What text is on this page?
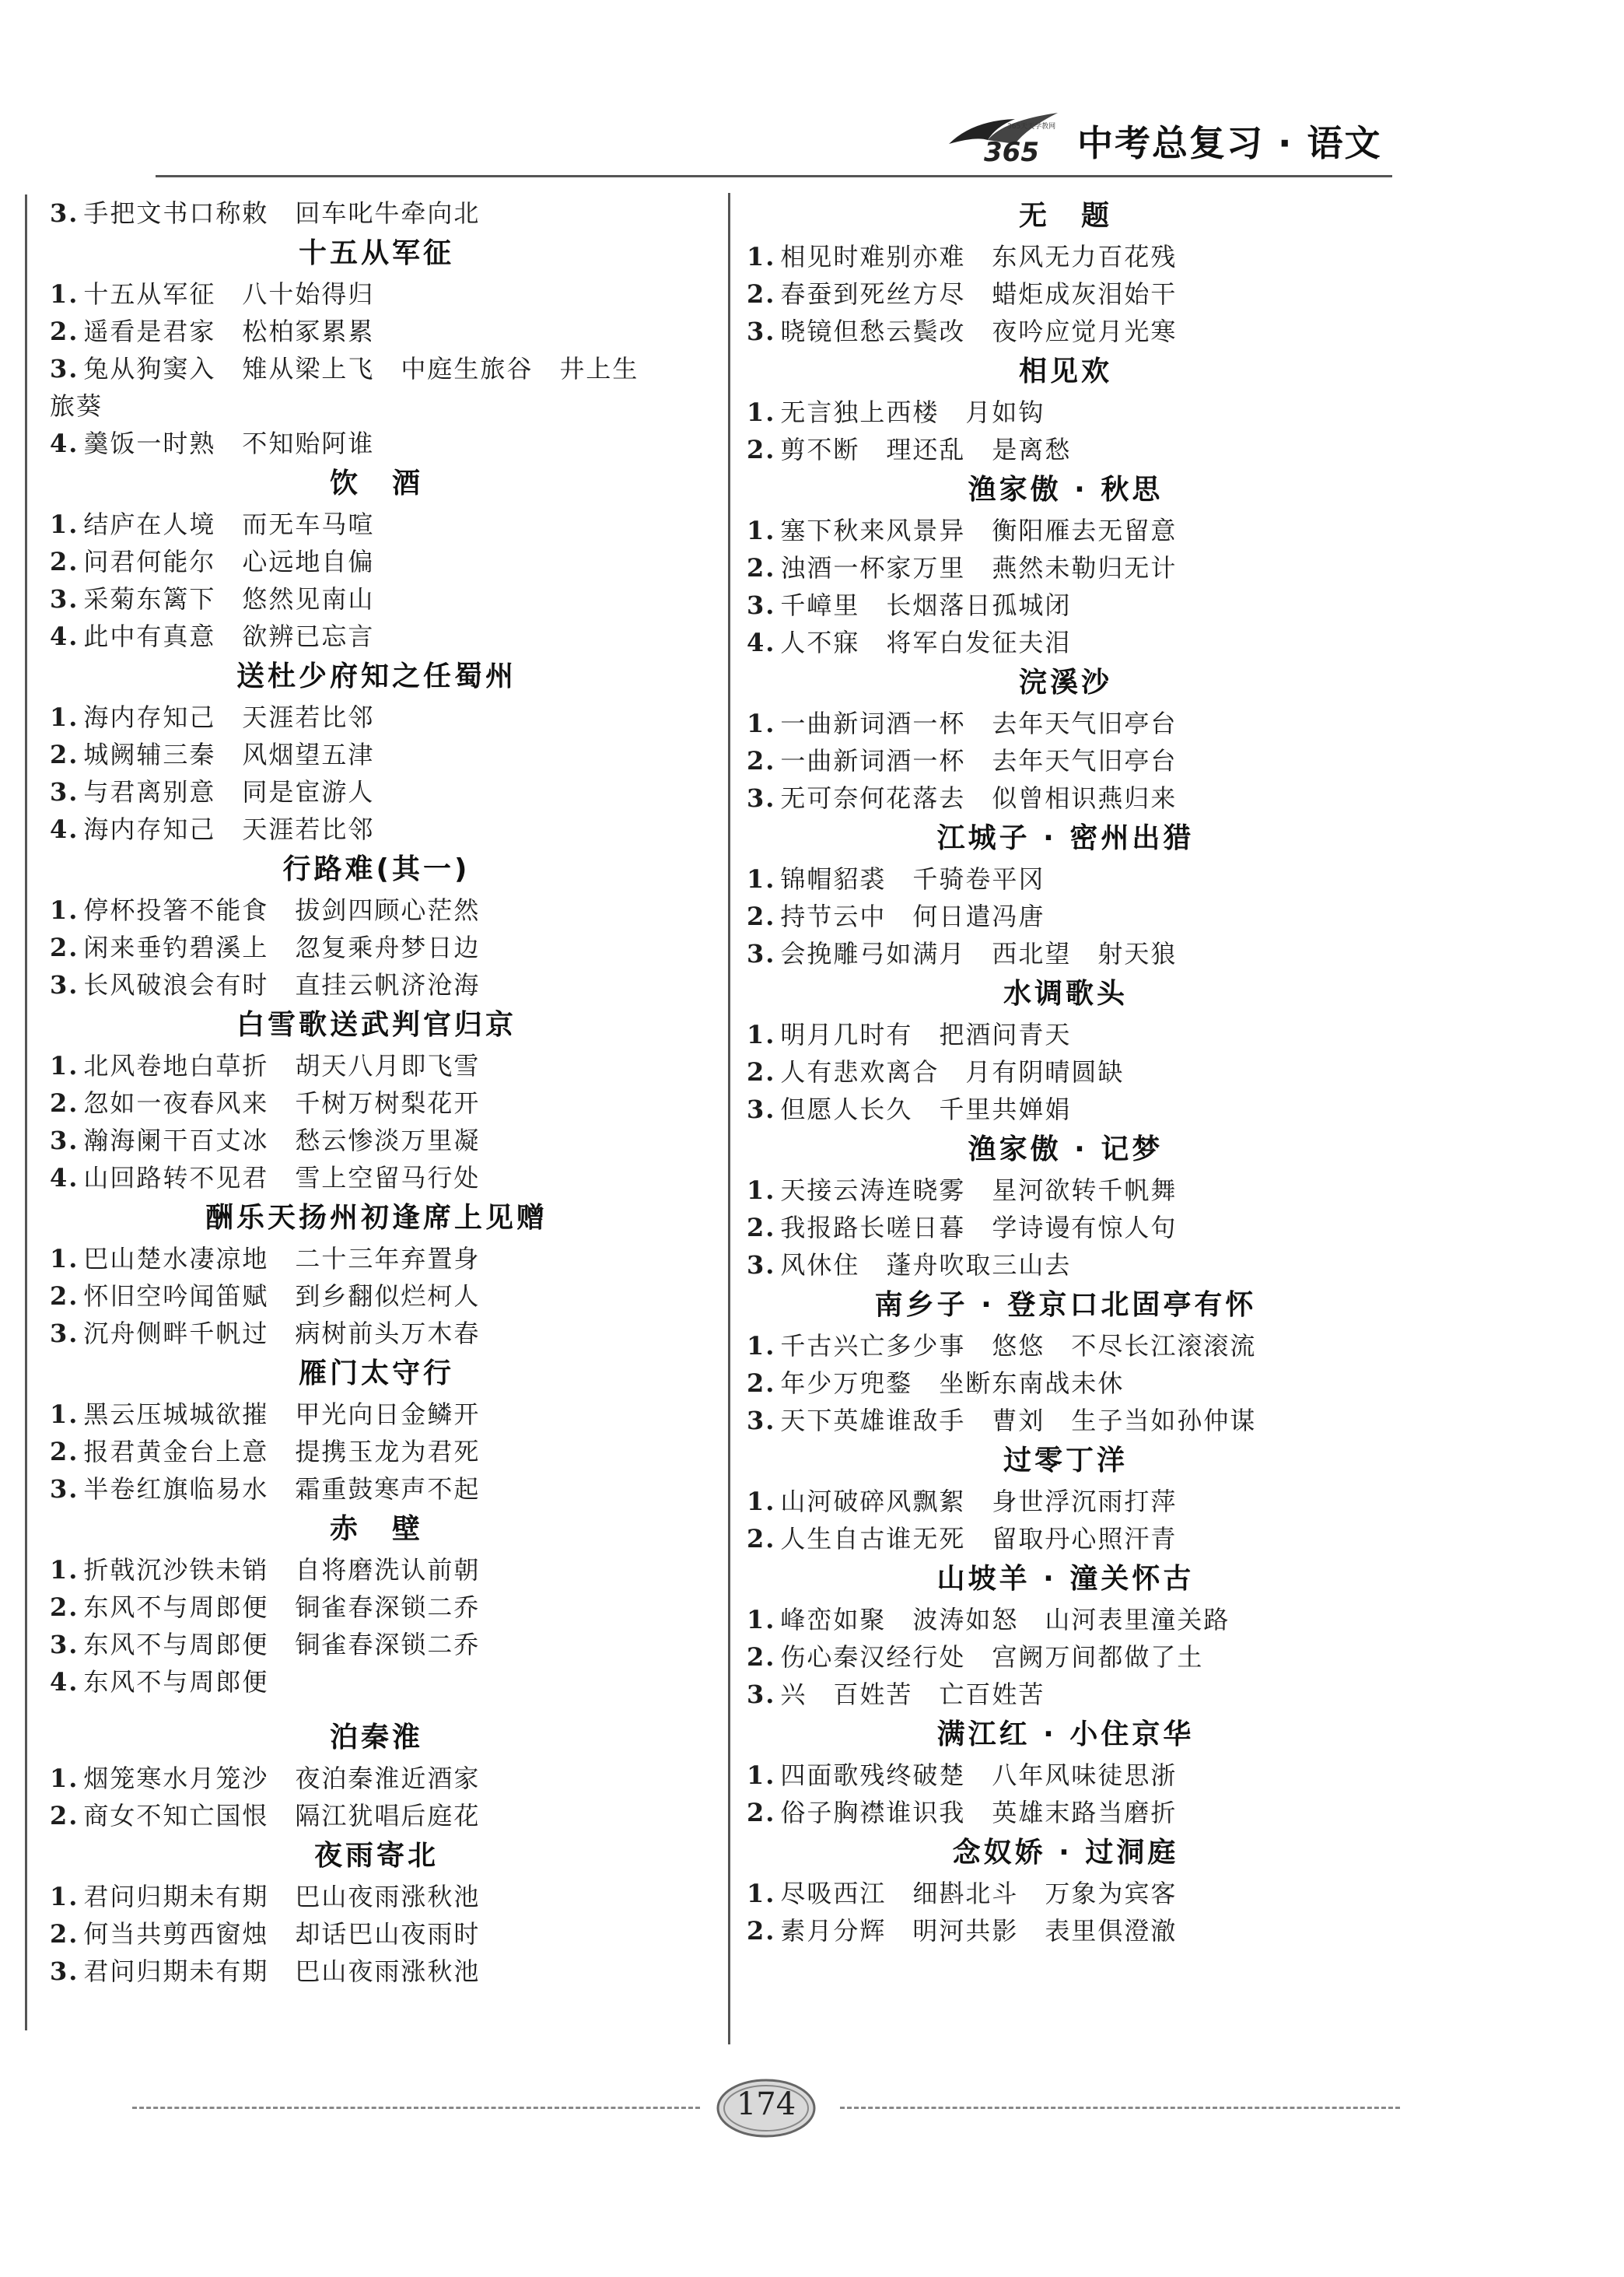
365
365天天学教网 中考总复习 · 语文
3. 手把文书口称敕　回车叱牛牵向北
十五从军征
1. 十五从军征　八十始得归
2. 遥看是君家　松柏冢累累
3. 兔从狗窦入　雉从梁上飞　中庭生旅谷　井上生
旅葵
4. 羹饭一时熟　不知贻阿谁
饮　酒
1. 结庐在人境　而无车马喧
2. 问君何能尔　心远地自偏
3. 采菊东篱下　悠然见南山
4. 此中有真意　欲辨已忘言
送杜少府知之任蜀州
1. 海内存知己　天涯若比邻
2. 城阙辅三秦　风烟望五津
3. 与君离别意　同是宦游人
4. 海内存知己　天涯若比邻
行路难(其一)
1. 停杯投箸不能食　拔剑四顾心茫然
2. 闲来垂钓碧溪上　忽复乘舟梦日边
3. 长风破浪会有时　直挂云帆济沧海
白雪歌送武判官归京
1. 北风卷地白草折　胡天八月即飞雪
2. 忽如一夜春风来　千树万树梨花开
3. 瀚海阑干百丈冰　愁云惨淡万里凝
4. 山回路转不见君　雪上空留马行处
酬乐天扬州初逢席上见赠
1. 巴山楚水凄凉地　二十三年弃置身
2. 怀旧空吟闻笛赋　到乡翻似烂柯人
3. 沉舟侧畔千帆过　病树前头万木春
雁门太守行
1. 黑云压城城欲摧　甲光向日金鳞开
2. 报君黄金台上意　提携玉龙为君死
3. 半卷红旗临易水　霜重鼓寒声不起
赤　壁
1. 折戟沉沙铁未销　自将磨洗认前朝
2. 东风不与周郎便　铜雀春深锁二乔
3. 东风不与周郎便　铜雀春深锁二乔
4. 东风不与周郎便
泊秦淮
1. 烟笼寒水月笼沙　夜泊秦淮近酒家
2. 商女不知亡国恨　隔江犹唱后庭花
夜雨寄北
1. 君问归期未有期　巴山夜雨涨秋池
2. 何当共剪西窗烛　却话巴山夜雨时
3. 君问归期未有期　巴山夜雨涨秋池
无　题
1. 相见时难别亦难　东风无力百花残
2. 春蚕到死丝方尽　蜡炬成灰泪始干
3. 晓镜但愁云鬓改　夜吟应觉月光寒
相见欢
1. 无言独上西楼　月如钩
2. 剪不断　理还乱　是离愁
渔家傲 · 秋思
1. 塞下秋来风景异　衡阳雁去无留意
2. 浊酒一杯家万里　燕然未勒归无计
3. 千嶂里　长烟落日孤城闭
4. 人不寐　将军白发征夫泪
浣溪沙
1. 一曲新词酒一杯　去年天气旧亭台
2. 一曲新词酒一杯　去年天气旧亭台
3. 无可奈何花落去　似曾相识燕归来
江城子 · 密州出猎
1. 锦帽貂裘　千骑卷平冈
2. 持节云中　何日遣冯唐
3. 会挽雕弓如满月　西北望　射天狼
水调歌头
1. 明月几时有　把酒问青天
2. 人有悲欢离合　月有阴晴圆缺
3. 但愿人长久　千里共婵娟
渔家傲 · 记梦
1. 天接云涛连晓雾　星河欲转千帆舞
2. 我报路长嗟日暮　学诗谩有惊人句
3. 风休住　蓬舟吹取三山去
南乡子 · 登京口北固亭有怀
1. 千古兴亡多少事　悠悠　不尽长江滚滚流
2. 年少万兜鍪　坐断东南战未休
3. 天下英雄谁敌手　曹刘　生子当如孙仲谋
过零丁洋
1. 山河破碎风飘絮　身世浮沉雨打萍
2. 人生自古谁无死　留取丹心照汗青
山坡羊 · 潼关怀古
1. 峰峦如聚　波涛如怒　山河表里潼关路
2. 伤心秦汉经行处　宫阙万间都做了土
3. 兴　百姓苦　亡百姓苦
满江红 · 小住京华
1. 四面歌残终破楚　八年风味徒思浙
2. 俗子胸襟谁识我　英雄末路当磨折
念奴娇 · 过洞庭
1. 尽吸西江　细斟北斗　万象为宾客
2. 素月分辉　明河共影　表里俱澄澈
174
